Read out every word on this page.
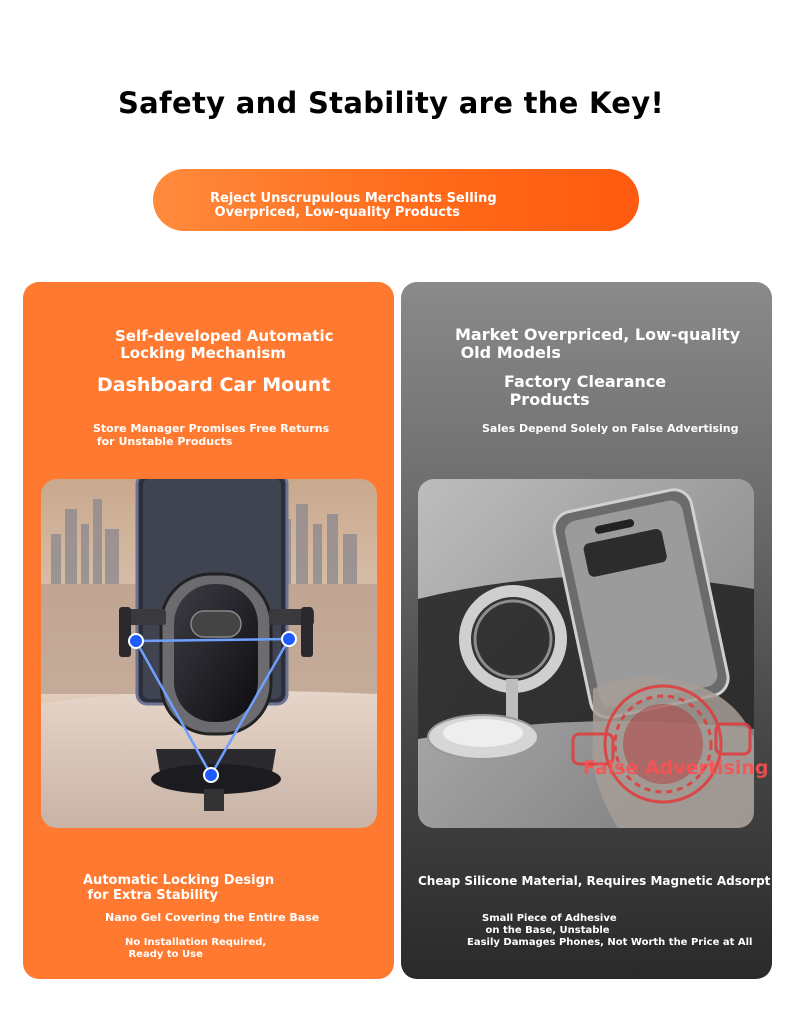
Safety and Stability are the Key!
Reject Unscrupulous Merchants Selling
Overpriced, Low-quality Products
Self-developed Automatic
Locking Mechanism
Dashboard Car Mount
Store Manager Promises Free Returns
for Unstable Products
Automatic Locking Design
for Extra Stability
Nano Gel Covering the Entire Base
No Installation Required,
Ready to Use
Market Overpriced, Low-quality
Old Models
Factory Clearance
Products
Sales Depend Solely on False Advertising
False Advertising
Cheap Silicone Material, Requires Magnetic Adsorpt
Small Piece of Adhesive
on the Base, Unstable
Easily Damages Phones, Not Worth the Price at All
